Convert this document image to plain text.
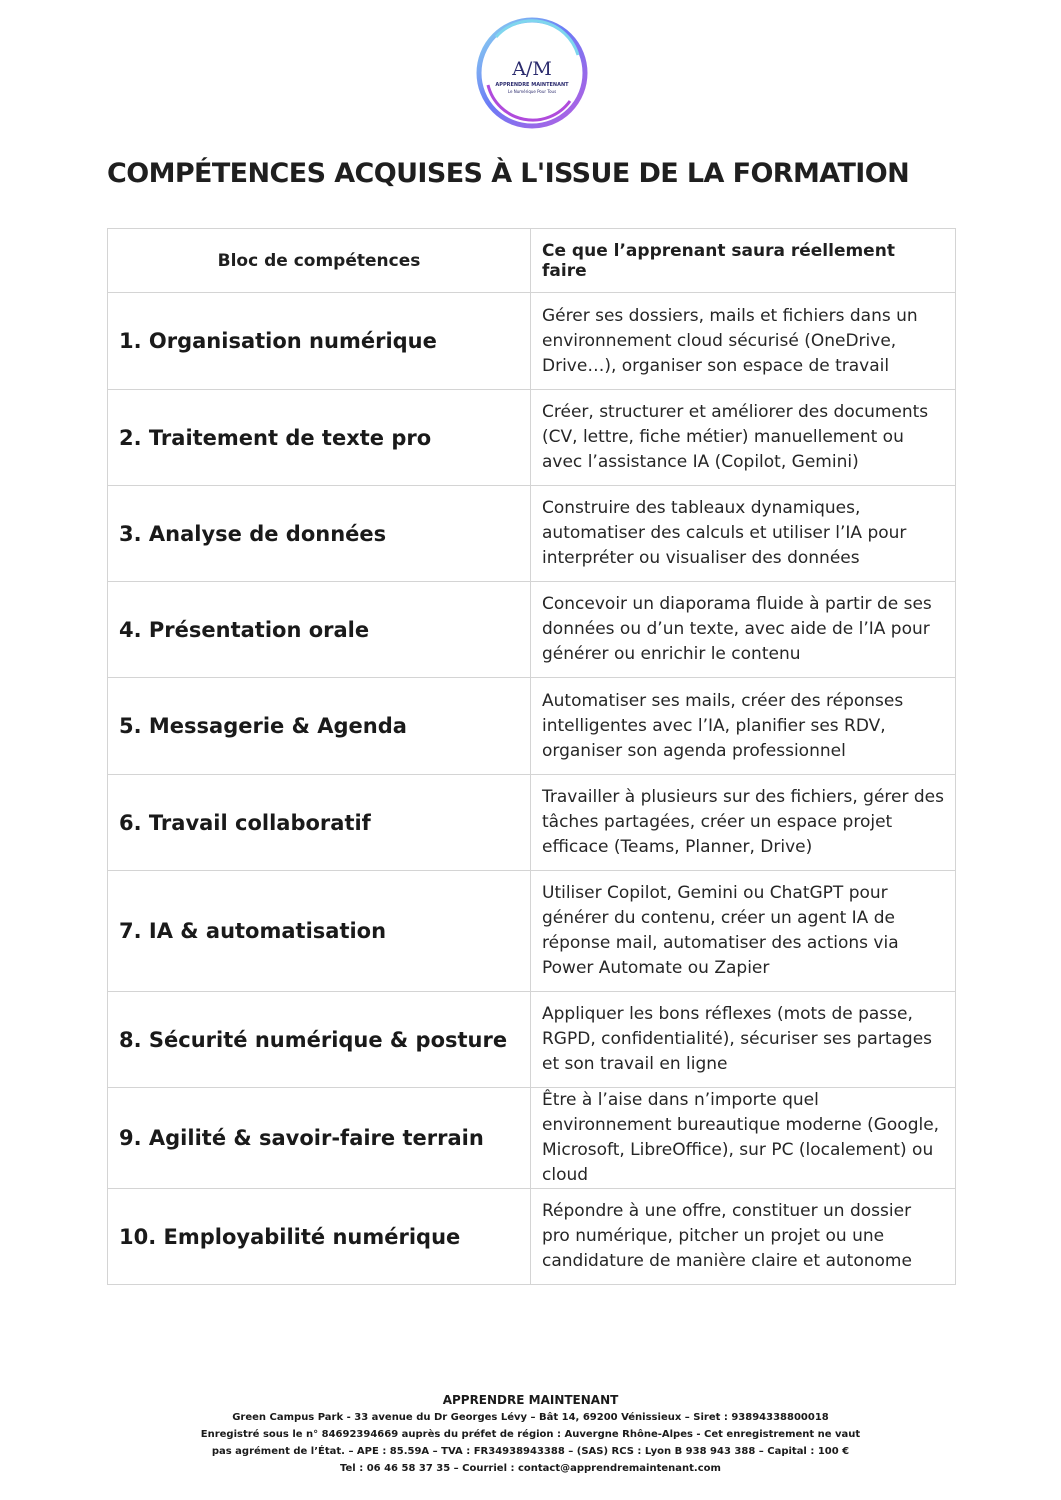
A/M
APPRENDRE MAINTENANT
Le Numérique Pour Tous
COMPÉTENCES ACQUISES À L'ISSUE DE LA FORMATION
Bloc de compétences	Ce que l’apprenant saura réellement faire
1. Organisation numérique	Gérer ses dossiers, mails et fichiers dans un environnement cloud sécurisé (OneDrive, Drive…), organiser son espace de travail
2. Traitement de texte pro	Créer, structurer et améliorer des documents (CV, lettre, fiche métier) manuellement ou avec l’assistance IA (Copilot, Gemini)
3. Analyse de données	Construire des tableaux dynamiques, automatiser des calculs et utiliser l’IA pour interpréter ou visualiser des données
4. Présentation orale	Concevoir un diaporama fluide à partir de ses données ou d’un texte, avec aide de l’IA pour générer ou enrichir le contenu
5. Messagerie & Agenda	Automatiser ses mails, créer des réponses intelligentes avec l’IA, planifier ses RDV, organiser son agenda professionnel
6. Travail collaboratif	Travailler à plusieurs sur des fichiers, gérer des tâches partagées, créer un espace projet efficace (Teams, Planner, Drive)
7. IA & automatisation	Utiliser Copilot, Gemini ou ChatGPT pour générer du contenu, créer un agent IA de réponse mail, automatiser des actions via Power Automate ou Zapier
8. Sécurité numérique & posture	Appliquer les bons réflexes (mots de passe, RGPD, confidentialité), sécuriser ses partages et son travail en ligne
9. Agilité & savoir-faire terrain	Être à l’aise dans n’importe quel environnement bureautique moderne (Google, Microsoft, LibreOffice), sur PC (localement) ou cloud
10. Employabilité numérique	Répondre à une offre, constituer un dossier pro numérique, pitcher un projet ou une candidature de manière claire et autonome
APPRENDRE MAINTENANT
Green Campus Park - 33 avenue du Dr Georges Lévy – Bât 14, 69200 Vénissieux – Siret : 93894338800018
Enregistré sous le n° 84692394669 auprès du préfet de région : Auvergne Rhône-Alpes - Cet enregistrement ne vaut
pas agrément de l’État. – APE : 85.59A – TVA : FR34938943388 – (SAS) RCS : Lyon B 938 943 388 – Capital : 100 €
Tel : 06 46 58 37 35 – Courriel : contact@apprendremaintenant.com
